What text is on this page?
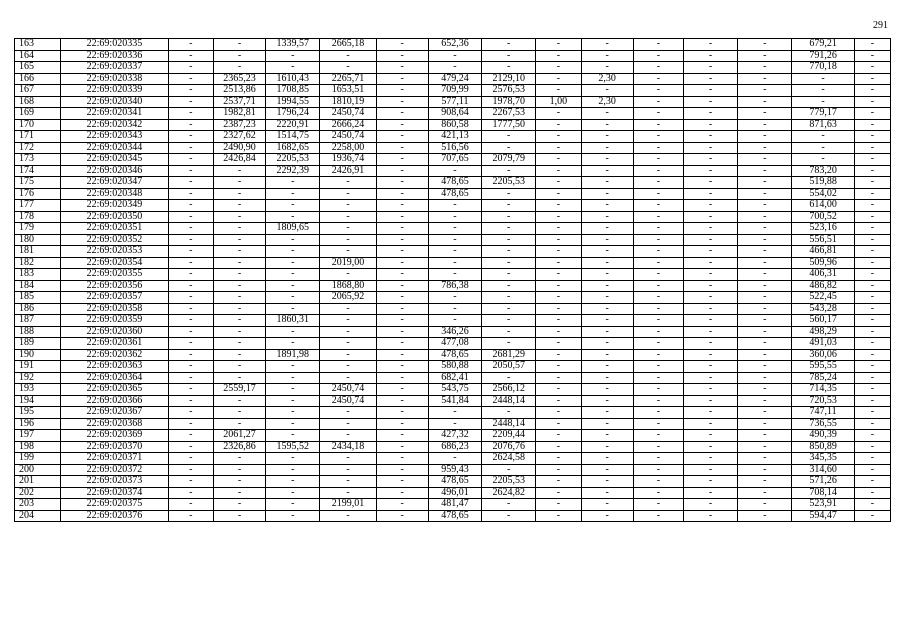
291
163	22:69:020335	-	-	1339,57	2665,18	-	652,36	-	-	-	-	-	-	679,21	-
164	22:69:020336	-	-	-	-	-	-	-	-	-	-	-	-	791,26	-
165	22:69:020337	-	-	-	-	-	-	-	-	-	-	-	-	770,18	-
166	22:69:020338	-	2365,23	1610,43	2265,71	-	479,24	2129,10	-	2,30	-	-	-	-	-
167	22:69:020339	-	2513,86	1708,85	1653,51	-	709,99	2576,53	-	-	-	-	-	-	-
168	22:69:020340	-	2537,71	1994,55	1810,19	-	577,11	1978,70	1,00	2,30	-	-	-	-	-
169	22:69:020341	-	1982,81	1796,24	2450,74	-	908,64	2267,53	-	-	-	-	-	779,17	-
170	22:69:020342	-	2387,23	2220,91	2666,24	-	860,58	1777,50	-	-	-	-	-	871,63	-
171	22:69:020343	-	2327,62	1514,75	2450,74	-	421,13	-	-	-	-	-	-	-	-
172	22:69:020344	-	2490,90	1682,65	2258,00	-	516,56	-	-	-	-	-	-	-	-
173	22:69:020345	-	2426,84	2205,53	1936,74	-	707,65	2079,79	-	-	-	-	-	-	-
174	22:69:020346	-	-	2292,39	2426,91	-	-	-	-	-	-	-	-	783,20	-
175	22:69:020347	-	-	-	-	-	478,65	2205,53	-	-	-	-	-	519,88	-
176	22:69:020348	-	-	-	-	-	478,65	-	-	-	-	-	-	554,02	-
177	22:69:020349	-	-	-	-	-	-	-	-	-	-	-	-	614,00	-
178	22:69:020350	-	-	-	-	-	-	-	-	-	-	-	-	700,52	-
179	22:69:020351	-	-	1809,65	-	-	-	-	-	-	-	-	-	523,16	-
180	22:69:020352	-	-	-	-	-	-	-	-	-	-	-	-	556,51	-
181	22:69:020353	-	-	-	-	-	-	-	-	-	-	-	-	466,81	-
182	22:69:020354	-	-	-	2019,00	-	-	-	-	-	-	-	-	509,96	-
183	22:69:020355	-	-	-	-	-	-	-	-	-	-	-	-	406,31	-
184	22:69:020356	-	-	-	1868,80	-	786,38	-	-	-	-	-	-	486,82	-
185	22:69:020357	-	-	-	2065,92	-	-	-	-	-	-	-	-	522,45	-
186	22:69:020358	-	-	-	-	-	-	-	-	-	-	-	-	543,28	-
187	22:69:020359	-	-	1860,31	-	-	-	-	-	-	-	-	-	560,17	-
188	22:69:020360	-	-	-	-	-	346,26	-	-	-	-	-	-	498,29	-
189	22:69:020361	-	-	-	-	-	477,08	-	-	-	-	-	-	491,03	-
190	22:69:020362	-	-	1891,98	-	-	478,65	2681,29	-	-	-	-	-	360,06	-
191	22:69:020363	-	-	-	-	-	580,88	2050,57	-	-	-	-	-	595,55	-
192	22:69:020364	-	-	-	-	-	682,41	-	-	-	-	-	-	785,24	-
193	22:69:020365	-	2559,17	-	2450,74	-	543,75	2566,12	-	-	-	-	-	714,35	-
194	22:69:020366	-	-	-	2450,74	-	541,84	2448,14	-	-	-	-	-	720,53	-
195	22:69:020367	-	-	-	-	-	-	-	-	-	-	-	-	747,11	-
196	22:69:020368	-	-	-	-	-	-	2448,14	-	-	-	-	-	736,55	-
197	22:69:020369	-	2061,27	-	-	-	427,32	2209,44	-	-	-	-	-	490,39	-
198	22:69:020370	-	2326,86	1595,52	2434,18	-	686,23	2076,76	-	-	-	-	-	850,89	-
199	22:69:020371	-	-	-	-	-	-	2624,58	-	-	-	-	-	345,35	-
200	22:69:020372	-	-	-	-	-	959,43	-	-	-	-	-	-	314,60	-
201	22:69:020373	-	-	-	-	-	478,65	2205,53	-	-	-	-	-	571,26	-
202	22:69:020374	-	-	-	-	-	496,01	2624,82	-	-	-	-	-	708,14	-
203	22:69:020375	-	-	-	2199,01	-	481,47	-	-	-	-	-	-	523,91	-
204	22:69:020376	-	-	-	-	-	478,65	-	-	-	-	-	-	594,47	-
